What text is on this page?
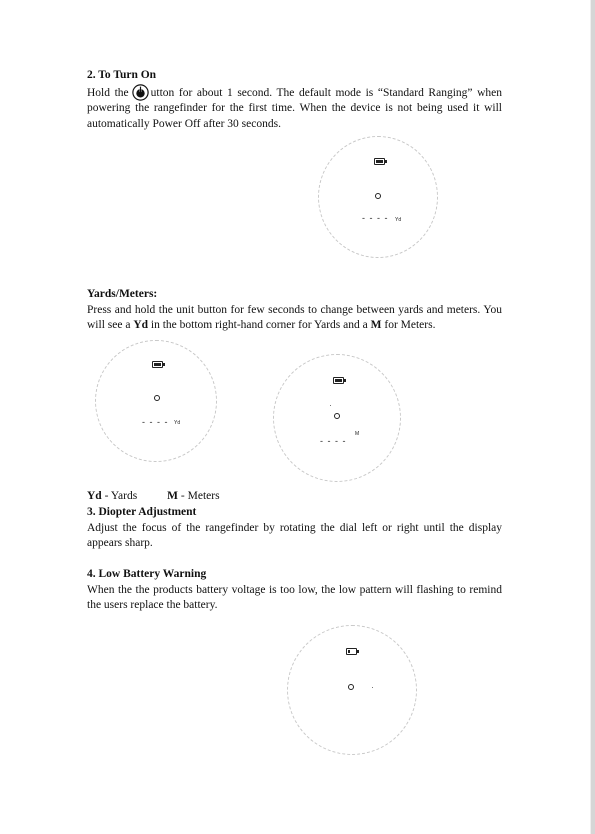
2. To Turn On
Hold the utton for about 1 second. The default mode is “Standard Ranging” when powering the rangefinder for the first time. When the device is not being used it will automatically Power Off after 30 seconds.
- - - - Yd
Yards/Meters:
Press and hold the unit button for few seconds to change between yards and meters. You will see a Yd in the bottom right-hand corner for Yards and a M for Meters.
- - - - Yd
M
- - - -
Yd - Yards	M - Meters
3. Diopter Adjustment
Adjust the focus of the rangefinder by rotating the dial left or right until the display appears sharp.
4. Low Battery Warning
When the the products battery voltage is too low, the low pattern will flashing to remind the users replace the battery.
